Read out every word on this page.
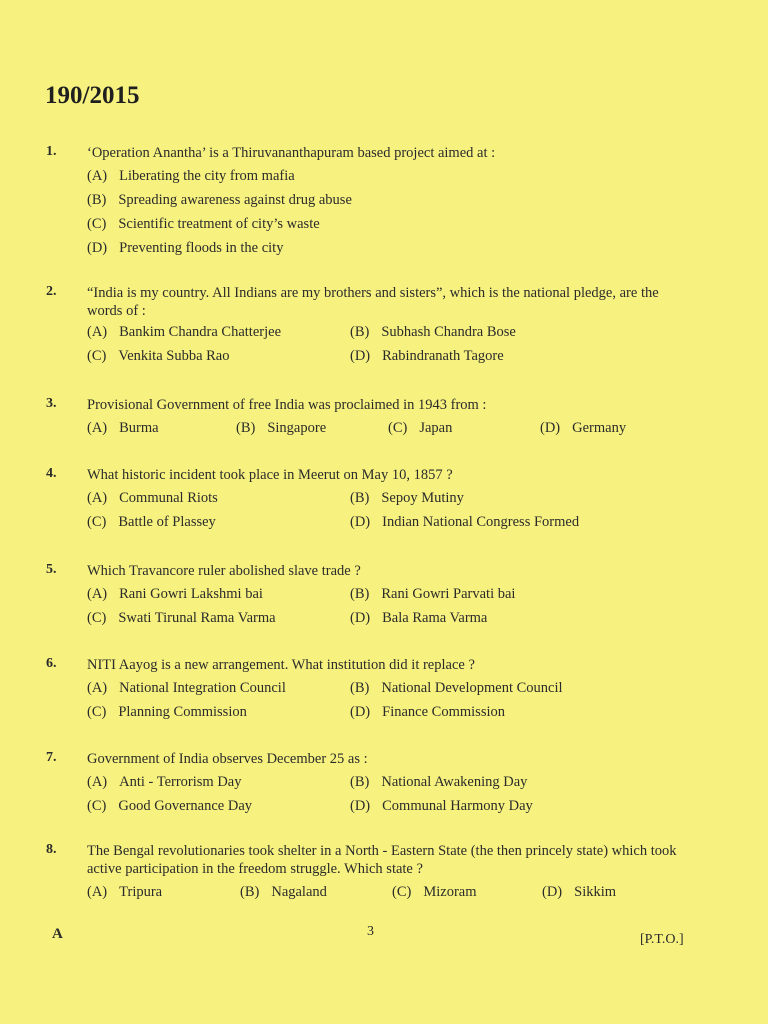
190/2015
1. ‘Operation Anantha’ is a Thiruvananthapuram based project aimed at :
(A) Liberating the city from mafia
(B) Spreading awareness against drug abuse
(C) Scientific treatment of city’s waste
(D) Preventing floods in the city
2. “India is my country. All Indians are my brothers and sisters”, which is the national pledge, are the words of :
(A) Bankim Chandra Chatterjee	(B) Subhash Chandra Bose
(C) Venkita Subba Rao	(D) Rabindranath Tagore
3. Provisional Government of free India was proclaimed in 1943 from :
(A) Burma	(B) Singapore	(C) Japan	(D) Germany
4. What historic incident took place in Meerut on May 10, 1857 ?
(A) Communal Riots	(B) Sepoy Mutiny
(C) Battle of Plassey	(D) Indian National Congress Formed
5. Which Travancore ruler abolished slave trade ?
(A) Rani Gowri Lakshmi bai	(B) Rani Gowri Parvati bai
(C) Swati Tirunal Rama Varma	(D) Bala Rama Varma
6. NITI Aayog is a new arrangement. What institution did it replace ?
(A) National Integration Council	(B) National Development Council
(C) Planning Commission	(D) Finance Commission
7. Government of India observes December 25 as :
(A) Anti - Terrorism Day	(B) National Awakening Day
(C) Good Governance Day	(D) Communal Harmony Day
8. The Bengal revolutionaries took shelter in a North - Eastern State (the then princely state) which took active participation in the freedom struggle. Which state ?
(A) Tripura	(B) Nagaland	(C) Mizoram	(D) Sikkim
A	3
[P.T.O.]
